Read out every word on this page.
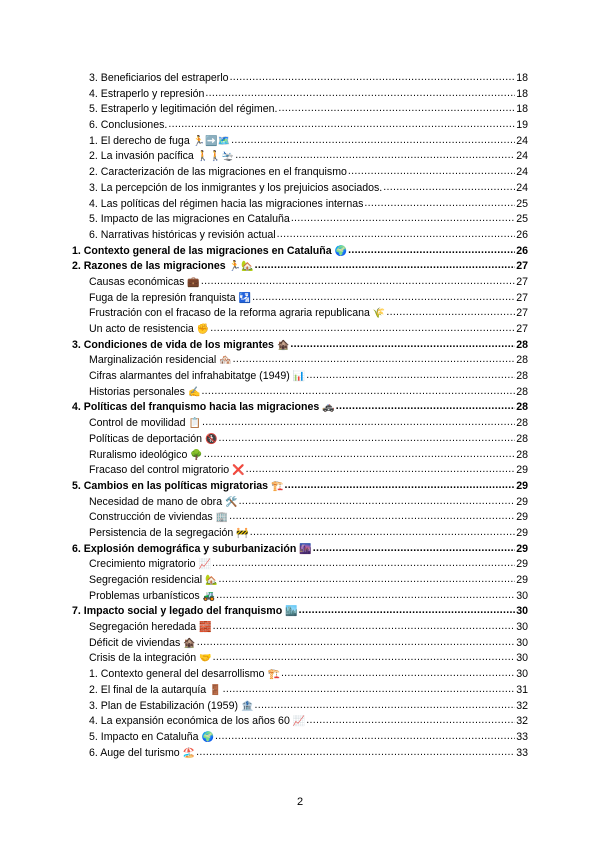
3. Beneficiarios del estraperlo .....	18
4. Estraperlo y represión .....	18
5. Estraperlo y legitimación del régimen. .....	18
6. Conclusiones. .....	19
1. El derecho de fuga 🏃➡️🗺️ .....	24
2. La invasión pacífica 🚶🚶🛬 .....	24
2. Caracterización de las migraciones en el franquismo .....	24
3. La percepción de los inmigrantes y los prejuicios asociados. .....	24
4. Las políticas del régimen hacia las migraciones internas .....	25
5. Impacto de las migraciones en Cataluña .....	25
6. Narrativas históricas y revisión actual .....	26
1. Contexto general de las migraciones en Cataluña 🌍 .....	26
2. Razones de las migraciones 🏃🏡 .....	27
Causas económicas 💼 .....	27
Fuga de la represión franquista 🛂 .....	27
Frustración con el fracaso de la reforma agraria republicana 🌾 .....	27
Un acto de resistencia ✊ .....	27
3. Condiciones de vida de los migrantes 🏚️ .....	28
Marginalización residencial 🏘️ .....	28
Cifras alarmantes del infrahabitatge (1949) 📊 .....	28
Historias personales ✍️ .....	28
4. Políticas del franquismo hacia las migraciones 🚓 .....	28
Control de movilidad 📋 .....	28
Políticas de deportación 🚷 .....	28
Ruralismo ideológico 🌳 .....	28
Fracaso del control migratorio ❌ .....	29
5. Cambios en las políticas migratorias 🏗️ .....	29
Necesidad de mano de obra 🛠️ .....	29
Construcción de viviendas 🏢 .....	29
Persistencia de la segregación 🚧 .....	29
6. Explosión demográfica y suburbanización 🌆 .....	29
Crecimiento migratorio 📈 .....	29
Segregación residencial 🏡 .....	29
Problemas urbanísticos 🚜 .....	30
7. Impacto social y legado del franquismo 🏙️ .....	30
Segregación heredada 🧱 .....	30
Déficit de viviendas 🏚️ .....	30
Crisis de la integración 🤝 .....	30
1. Contexto general del desarrollismo 🏗️ .....	30
2. El final de la autarquía 🚪 .....	31
3. Plan de Estabilización (1959) 🏦 .....	32
4. La expansión económica de los años 60 📈 .....	32
5. Impacto en Cataluña 🌍 .....	33
6. Auge del turismo 🏖️ .....	33
2
